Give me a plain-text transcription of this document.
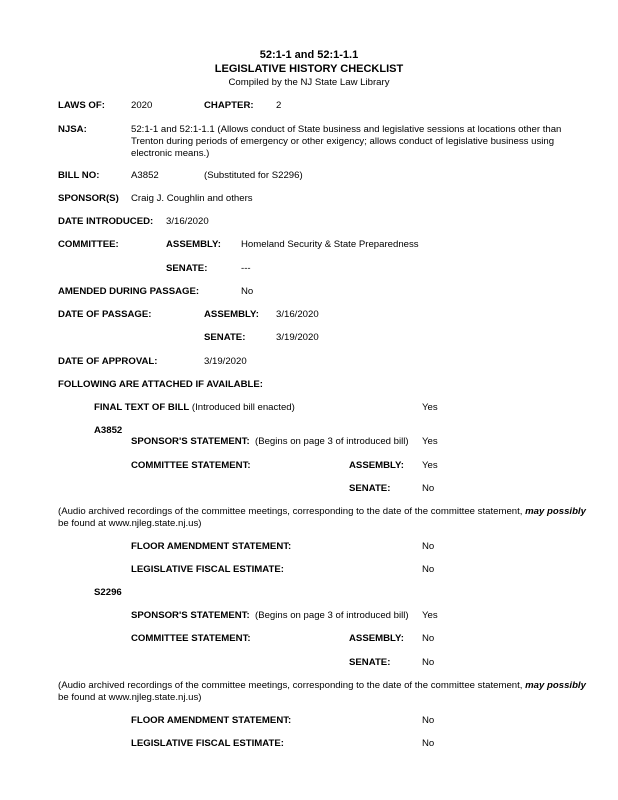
52:1-1 and 52:1-1.1
LEGISLATIVE HISTORY CHECKLIST
Compiled by the NJ State Law Library
LAWS OF:	2020	CHAPTER: 2
NJSA:	52:1-1 and 52:1-1.1 (Allows conduct of State business and legislative sessions at locations other than Trenton during periods of emergency or other exigency; allows conduct of legislative business using electronic means.)
BILL NO:	A3852	(Substituted for S2296)
SPONSOR(S) Craig J. Coughlin and others
DATE INTRODUCED: 3/16/2020
COMMITTEE:	ASSEMBLY: Homeland Security & State Preparedness
SENATE:	---
AMENDED DURING PASSAGE:	No
DATE OF PASSAGE:	ASSEMBLY: 3/16/2020
SENATE:	3/19/2020
DATE OF APPROVAL:	3/19/2020
FOLLOWING ARE ATTACHED IF AVAILABLE:
FINAL TEXT OF BILL (Introduced bill enacted)	Yes
A3852
SPONSOR'S STATEMENT: (Begins on page 3 of introduced bill) Yes
COMMITTEE STATEMENT:	ASSEMBLY: Yes
SENATE:	No
(Audio archived recordings of the committee meetings, corresponding to the date of the committee statement, may possibly
be found at www.njleg.state.nj.us)
FLOOR AMENDMENT STATEMENT:	No
LEGISLATIVE FISCAL ESTIMATE:	No
S2296
SPONSOR'S STATEMENT: (Begins on page 3 of introduced bill) Yes
COMMITTEE STATEMENT:	ASSEMBLY: No
SENATE:	No
(Audio archived recordings of the committee meetings, corresponding to the date of the committee statement, may possibly
be found at www.njleg.state.nj.us)
FLOOR AMENDMENT STATEMENT:	No
LEGISLATIVE FISCAL ESTIMATE:	No
